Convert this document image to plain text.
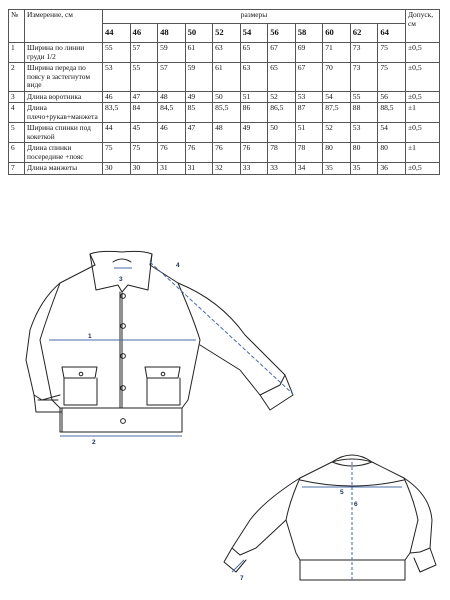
№	Измерение, см	размеры											Допуск, см
		44	46	48	50	52	54	56	58	60	62	64	
1	Ширина по линии груди 1/2	55	57	59	61	63	65	67	69	71	73	75	±0,5
2	Ширина переда по поясу в застегнутом виде	53	55	57	59	61	63	65	67	70	73	75	±0,5
3	Длина воротника	46	47	48	49	50	51	52	53	54	55	56	±0,5
4	Длина плечо+рукав+манжета	83,5	84	84,5	85	85,5	86	86,5	87	87,5	88	88,5	±1
5	Ширина спинки под кокеткой	44	45	46	47	48	49	50	51	52	53	54	±0,5
6	Длина спинки посередине +пояс	75	75	76	76	76	76	78	78	80	80	80	±1
7	Длина манжеты	30	30	31	31	32	33	33	34	35	35	36	±0,5
1
2
3
4
5
6
7
